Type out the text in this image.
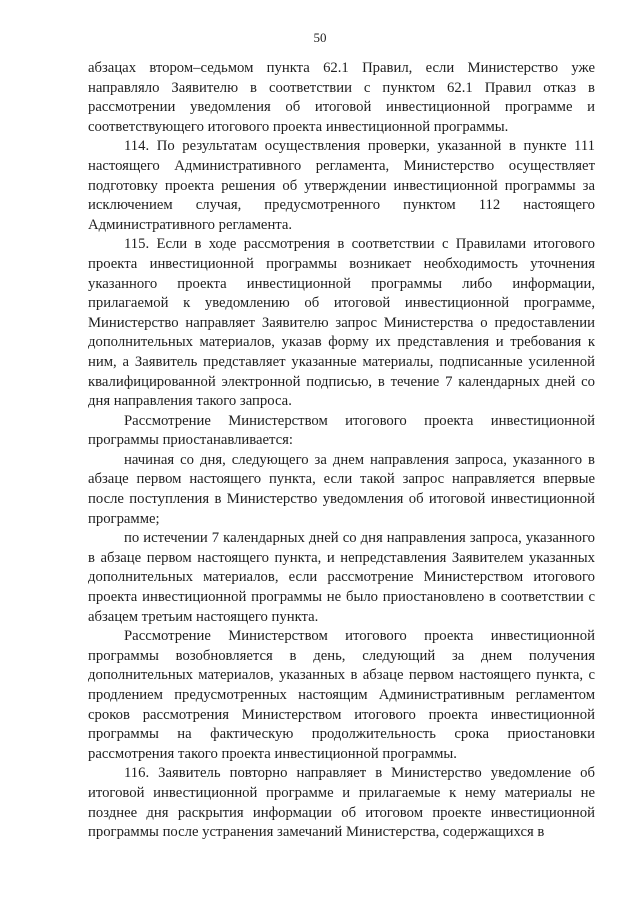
50

абзацах втором–седьмом пункта 62.1 Правил, если Министерство уже направляло Заявителю в соответствии с пунктом 62.1 Правил отказ в рассмотрении уведомления об итоговой инвестиционной программе и соответствующего итогового проекта инвестиционной программы.

114. По результатам осуществления проверки, указанной в пункте 111 настоящего Административного регламента, Министерство осуществляет подготовку проекта решения об утверждении инвестиционной программы за исключением случая, предусмотренного пунктом 112 настоящего Административного регламента.

115. Если в ходе рассмотрения в соответствии с Правилами итогового проекта инвестиционной программы возникает необходимость уточнения указанного проекта инвестиционной программы либо информации, прилагаемой к уведомлению об итоговой инвестиционной программе, Министерство направляет Заявителю запрос Министерства о предоставлении дополнительных материалов, указав форму их представления и требования к ним, а Заявитель представляет указанные материалы, подписанные усиленной квалифицированной электронной подписью, в течение 7 календарных дней со дня направления такого запроса.

Рассмотрение Министерством итогового проекта инвестиционной программы приостанавливается:

начиная со дня, следующего за днем направления запроса, указанного в абзаце первом настоящего пункта, если такой запрос направляется впервые после поступления в Министерство уведомления об итоговой инвестиционной программе;

по истечении 7 календарных дней со дня направления запроса, указанного в абзаце первом настоящего пункта, и непредставления Заявителем указанных дополнительных материалов, если рассмотрение Министерством итогового проекта инвестиционной программы не было приостановлено в соответствии с абзацем третьим настоящего пункта.

Рассмотрение Министерством итогового проекта инвестиционной программы возобновляется в день, следующий за днем получения дополнительных материалов, указанных в абзаце первом настоящего пункта, с продлением предусмотренных настоящим Административным регламентом сроков рассмотрения Министерством итогового проекта инвестиционной программы на фактическую продолжительность срока приостановки рассмотрения такого проекта инвестиционной программы.

116. Заявитель повторно направляет в Министерство уведомление об итоговой инвестиционной программе и прилагаемые к нему материалы не позднее дня раскрытия информации об итоговом проекте инвестиционной программы после устранения замечаний Министерства, содержащихся в
